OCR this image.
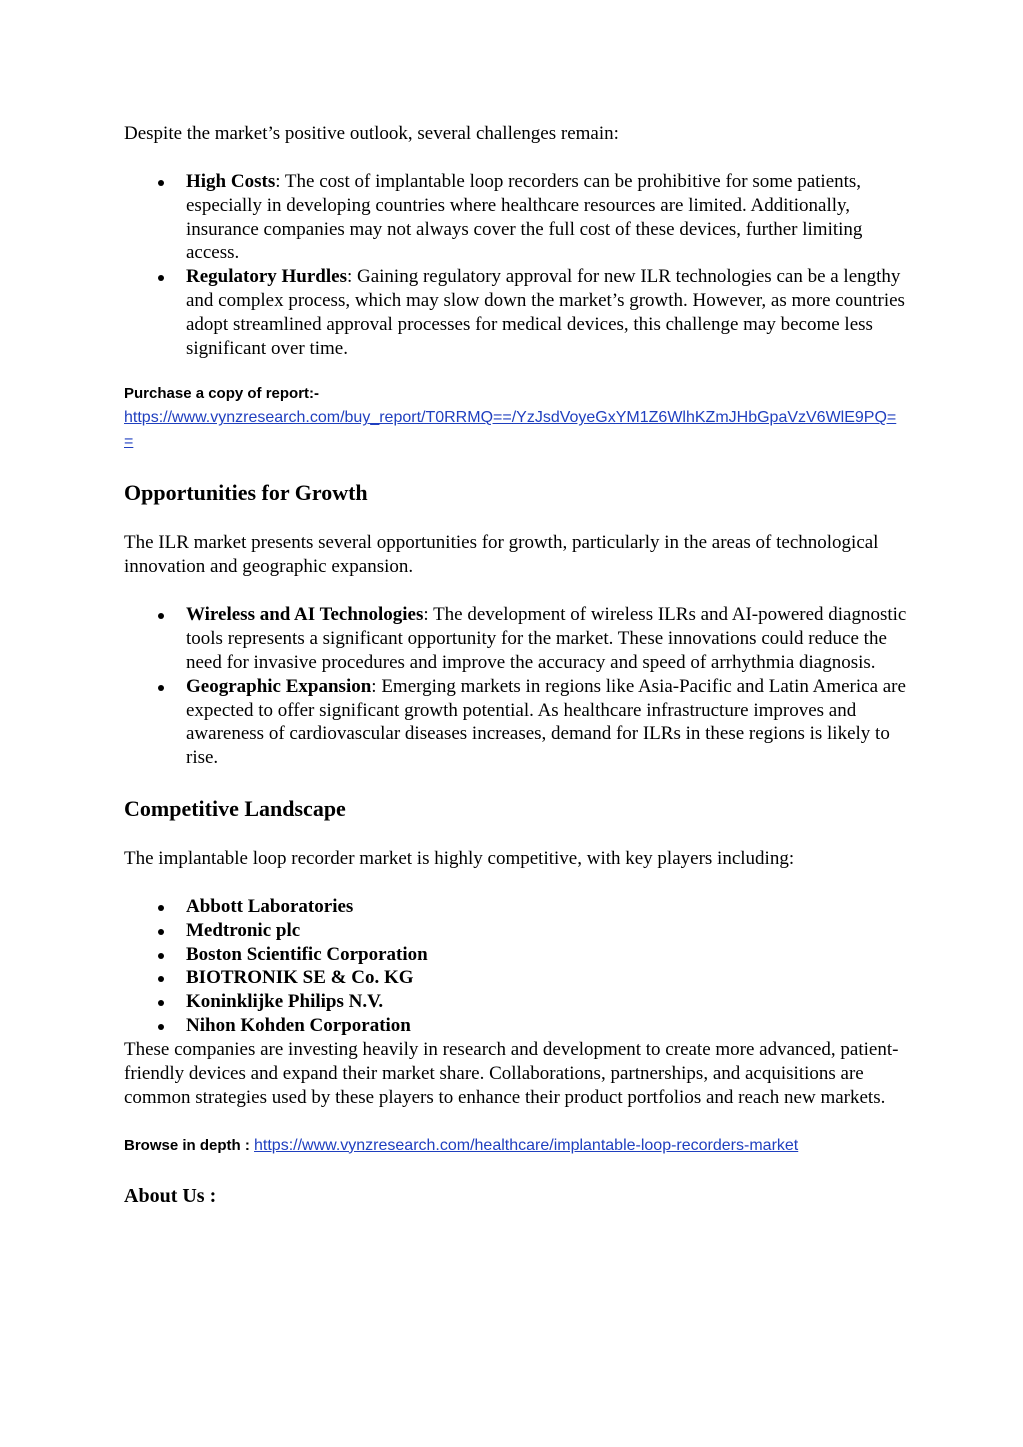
Despite the market’s positive outlook, several challenges remain:

High Costs: The cost of implantable loop recorders can be prohibitive for some patients, especially in developing countries where healthcare resources are limited. Additionally, insurance companies may not always cover the full cost of these devices, further limiting access.
Regulatory Hurdles: Gaining regulatory approval for new ILR technologies can be a lengthy and complex process, which may slow down the market’s growth. However, as more countries adopt streamlined approval processes for medical devices, this challenge may become less significant over time.

Purchase a copy of report:-

https://www.vynzresearch.com/buy_report/T0RRMQ==/YzJsdVoyeGxYM1Z6WlhKZmJHbGpaVzV6WlE9PQ==
Opportunities for Growth

The ILR market presents several opportunities for growth, particularly in the areas of technological innovation and geographic expansion.

Wireless and AI Technologies: The development of wireless ILRs and AI-powered diagnostic tools represents a significant opportunity for the market. These innovations could reduce the need for invasive procedures and improve the accuracy and speed of arrhythmia diagnosis.
Geographic Expansion: Emerging markets in regions like Asia-Pacific and Latin America are expected to offer significant growth potential. As healthcare infrastructure improves and awareness of cardiovascular diseases increases, demand for ILRs in these regions is likely to rise.
Competitive Landscape

The implantable loop recorder market is highly competitive, with key players including:

Abbott Laboratories
Medtronic plc
Boston Scientific Corporation
BIOTRONIK SE & Co. KG
Koninklijke Philips N.V.
Nihon Kohden Corporation

These companies are investing heavily in research and development to create more advanced, patient-friendly devices and expand their market share. Collaborations, partnerships, and acquisitions are common strategies used by these players to enhance their product portfolios and reach new markets.

Browse in depth : https://www.vynzresearch.com/healthcare/implantable-loop-recorders-market

About Us :
